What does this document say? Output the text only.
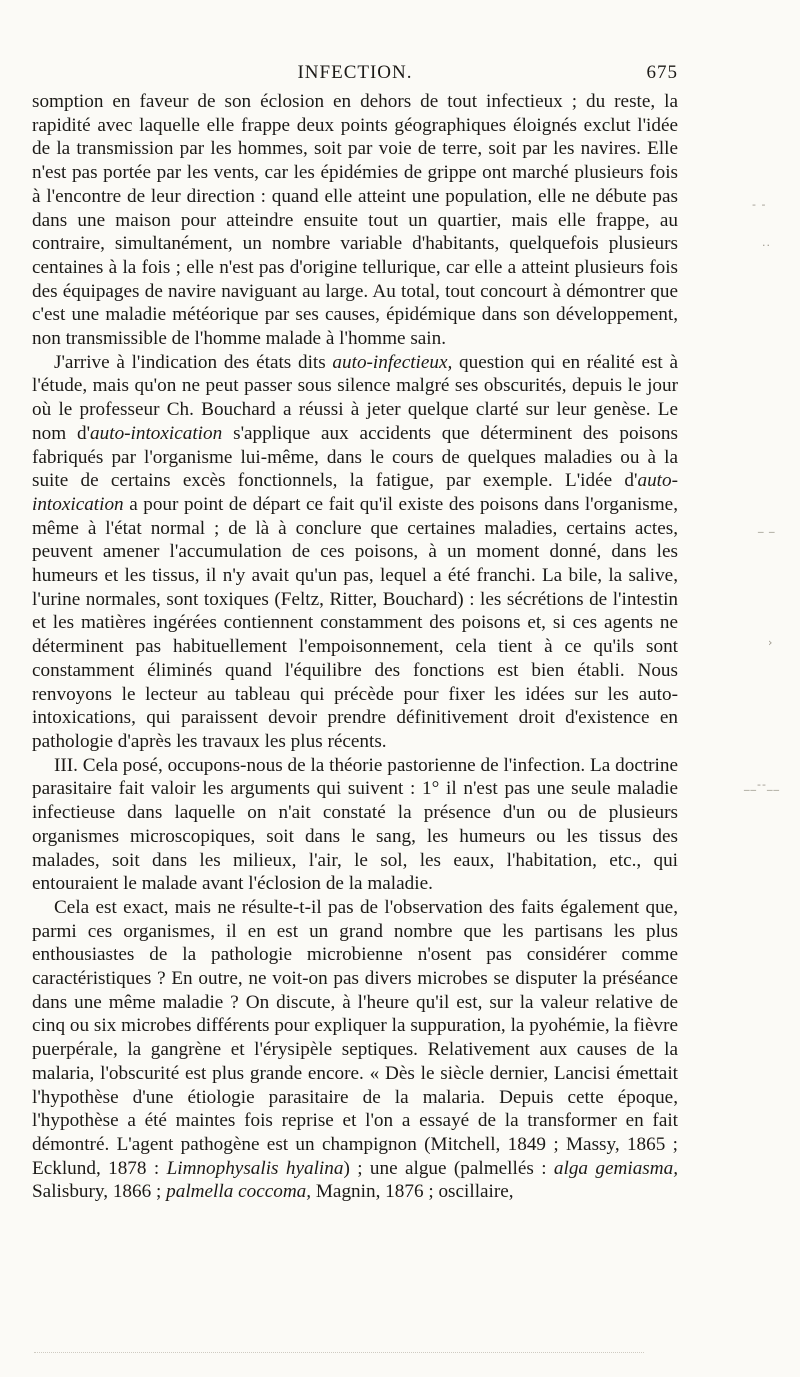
INFECTION.	675

somption en faveur de son éclosion en dehors de tout infectieux ; du reste, la rapidité avec laquelle elle frappe deux points géographiques éloignés exclut l'idée de la transmission par les hommes, soit par voie de terre, soit par les navires. Elle n'est pas portée par les vents, car les épidémies de grippe ont marché plusieurs fois à l'encontre de leur direction : quand elle atteint une population, elle ne débute pas dans une maison pour atteindre ensuite tout un quartier, mais elle frappe, au contraire, simultanément, un nombre variable d'habitants, quelquefois plusieurs centaines à la fois ; elle n'est pas d'origine tellurique, car elle a atteint plusieurs fois des équipages de navire naviguant au large. Au total, tout concourt à démontrer que c'est une maladie météorique par ses causes, épidémique dans son développement, non transmissible de l'homme malade à l'homme sain.

J'arrive à l'indication des états dits auto-infectieux, question qui en réalité est à l'étude, mais qu'on ne peut passer sous silence malgré ses obscurités, depuis le jour où le professeur Ch. Bouchard a réussi à jeter quelque clarté sur leur genèse. Le nom d'auto-intoxication s'applique aux accidents que déterminent des poisons fabriqués par l'organisme lui-même, dans le cours de quelques maladies ou à la suite de certains excès fonctionnels, la fatigue, par exemple. L'idée d'auto-intoxication a pour point de départ ce fait qu'il existe des poisons dans l'organisme, même à l'état normal ; de là à conclure que certaines maladies, certains actes, peuvent amener l'accumulation de ces poisons, à un moment donné, dans les humeurs et les tissus, il n'y avait qu'un pas, lequel a été franchi. La bile, la salive, l'urine normales, sont toxiques (Feltz, Ritter, Bouchard) : les sécrétions de l'intestin et les matières ingérées contiennent constamment des poisons et, si ces agents ne déterminent pas habituellement l'empoisonnement, cela tient à ce qu'ils sont constamment éliminés quand l'équilibre des fonctions est bien établi. Nous renvoyons le lecteur au tableau qui précède pour fixer les idées sur les auto-intoxications, qui paraissent devoir prendre définitivement droit d'existence en pathologie d'après les travaux les plus récents.

III. Cela posé, occupons-nous de la théorie pastorienne de l'infection. La doctrine parasitaire fait valoir les arguments qui suivent : 1° il n'est pas une seule maladie infectieuse dans laquelle on n'ait constaté la présence d'un ou de plusieurs organismes microscopiques, soit dans le sang, les humeurs ou les tissus des malades, soit dans les milieux, l'air, le sol, les eaux, l'habitation, etc., qui entouraient le malade avant l'éclosion de la maladie.

Cela est exact, mais ne résulte-t-il pas de l'observation des faits également que, parmi ces organismes, il en est un grand nombre que les partisans les plus enthousiastes de la pathologie microbienne n'osent pas considérer comme caractéristiques ? En outre, ne voit-on pas divers microbes se disputer la préséance dans une même maladie ? On discute, à l'heure qu'il est, sur la valeur relative de cinq ou six microbes différents pour expliquer la suppuration, la pyohémie, la fièvre puerpérale, la gangrène et l'érysipèle septiques. Relativement aux causes de la malaria, l'obscurité est plus grande encore. « Dès le siècle dernier, Lancisi émettait l'hypothèse d'une étiologie parasitaire de la malaria. Depuis cette époque, l'hypothèse a été maintes fois reprise et l'on a essayé de la transformer en fait démontré. L'agent pathogène est un champignon (Mitchell, 1849 ; Massy, 1865 ; Ecklund, 1878 : Limnophysalis hyalina) ; une algue (palmellés : alga gemiasma, Salisbury, 1866 ; palmella coccoma, Magnin, 1876 ; oscillaire,

- -
..
_ _
›
__--__
